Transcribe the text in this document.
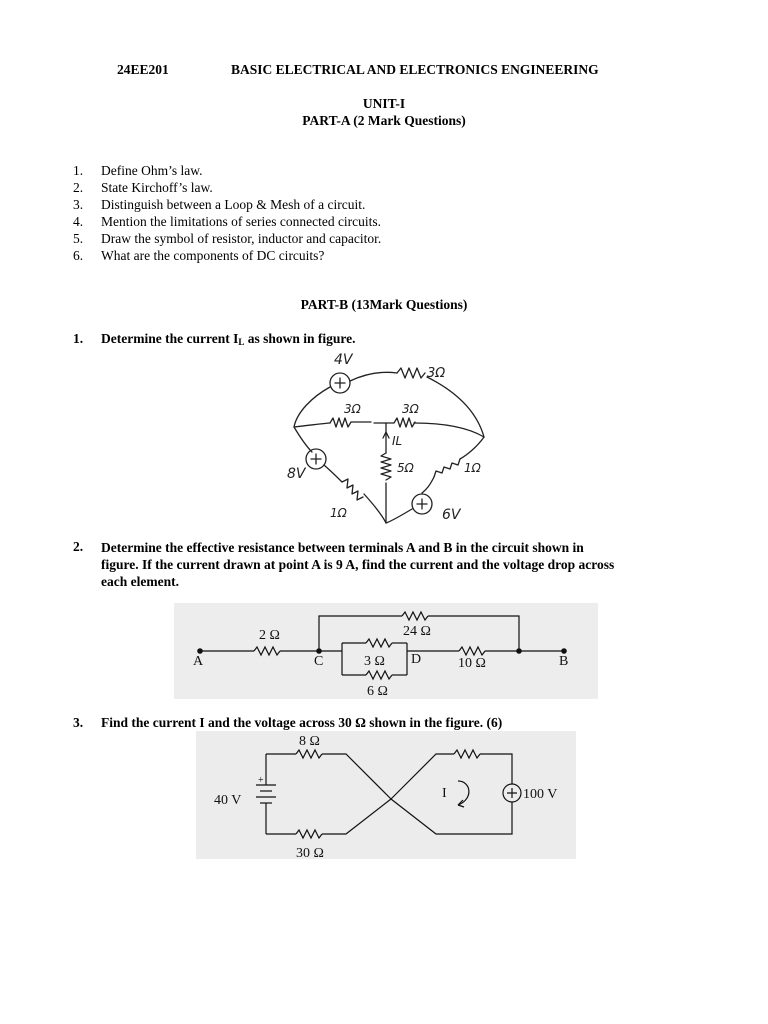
24EE201	BASIC ELECTRICAL AND ELECTRONICS ENGINEERING
UNIT-I
PART-A (2 Mark Questions)
1.	Define Ohm’s law.
2.	State Kirchoff’s law.
3.	Distinguish between a Loop & Mesh of a circuit.
4.	Mention the limitations of series connected circuits.
5.	Draw the symbol of resistor, inductor and capacitor.
6.	What are the components of DC circuits?
PART-B (13Mark Questions)
1. Determine the current $I_L$ as shown in figure.
4V
3Ω
3Ω	3Ω
IL
5Ω
8V
1Ω
1Ω
6V
2. Determine the effective resistance between terminals A and B in the circuit shown in
figure. If the current drawn at point A is 9 A, find the current and the voltage drop across
each element.
A	B
C	D
2 Ω	24 Ω
3 Ω
6 Ω
10 Ω
3. Find the current I and the voltage across 30 Ω shown in the figure. (6)
+
8 Ω
30 Ω
40 V	100 V
I
